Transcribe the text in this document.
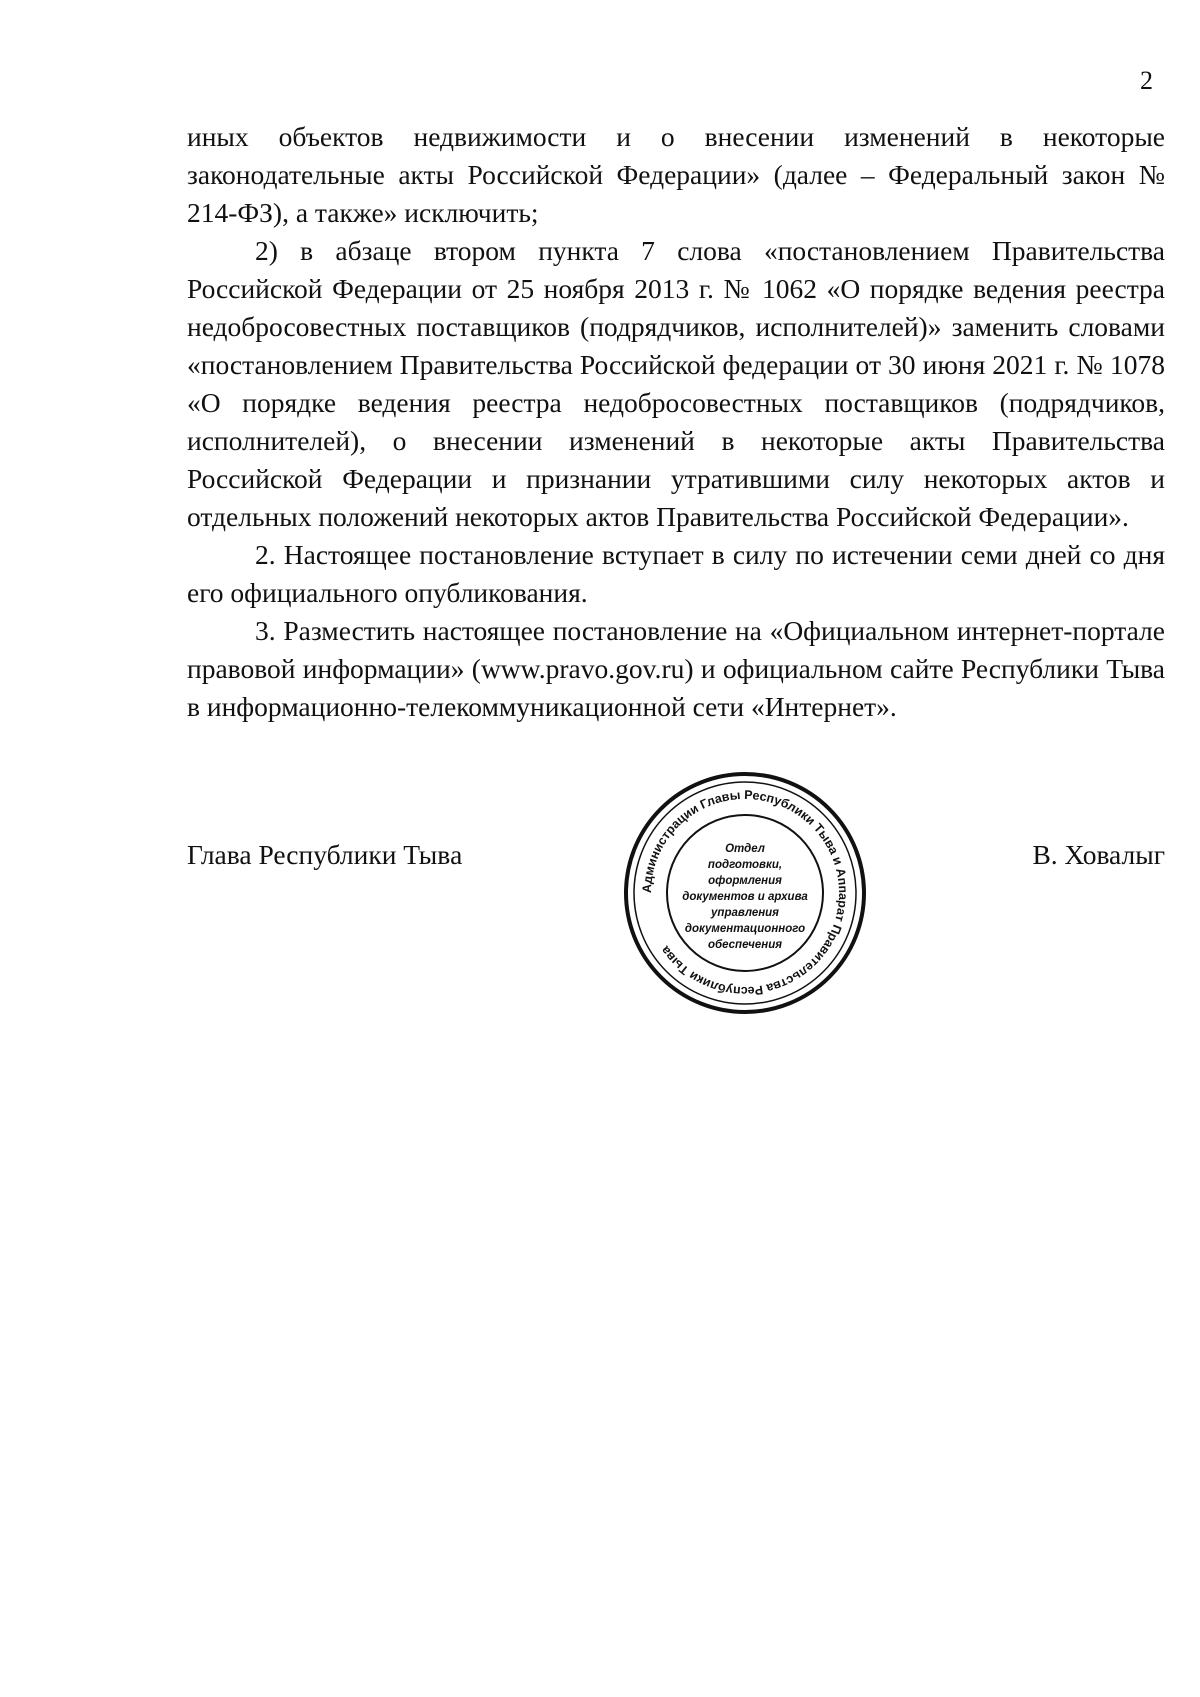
2

иных объектов недвижимости и о внесении изменений в некоторые законодательные акты Российской Федерации» (далее – Федеральный закон № 214-ФЗ), а также» исключить;

2) в абзаце втором пункта 7 слова «постановлением Правительства Российской Федерации от 25 ноября 2013 г. № 1062 «О порядке ведения реестра недобросовестных поставщиков (подрядчиков, исполнителей)» заменить словами «постановлением Правительства Российской федерации от 30 июня 2021 г. № 1078 «О порядке ведения реестра недобросовестных поставщиков (подрядчиков, исполнителей), о внесении изменений в некоторые акты Правительства Российской Федерации и признании утратившими силу некоторых актов и отдельных положений некоторых актов Правительства Российской Федерации».

2. Настоящее постановление вступает в силу по истечении семи дней со дня его официального опубликования.

3. Разместить настоящее постановление на «Официальном интернет-портале правовой информации» (www.pravo.gov.ru) и официальном сайте Республики Тыва в информационно-телекоммуникационной сети «Интернет».

Глава Республики Тывa	В. Ховалыг
Администрации Главы Республики Тыва и Аппарат Правительства Республики Тыва
Отдел
подготовки,
оформления
документов и архива
управления
документационного
обеспечения
